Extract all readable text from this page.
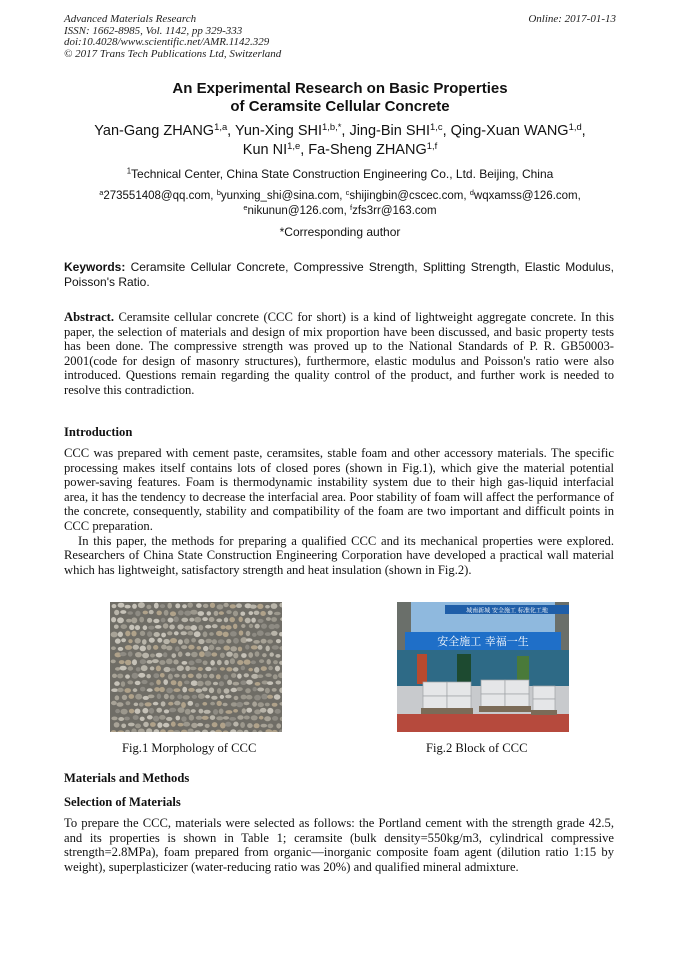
Advanced Materials Research
ISSN: 1662-8985, Vol. 1142, pp 329-333
doi:10.4028/www.scientific.net/AMR.1142.329
© 2017 Trans Tech Publications Ltd, Switzerland
Online: 2017-01-13
An Experimental Research on Basic Properties
of Ceramsite Cellular Concrete
Yan-Gang ZHANG$^{1,a}$, Yun-Xing $SHI^{1,b,*}$, Jing-Bin SHI$^{1,c}$, Qing-Xuan WANG$^{1,d}$,
Kun NI$^{1,e}$, Fa-Sheng ZHANG$^{1,f}$
$^1$Technical Center, China State Construction Engineering Co., Ltd. Beijing, China
$^a$273551408@qq.com, $^b$yunxing_shi@sina.com, $^c$shijingbin@cscec.com, $^d$wqxamss@126.com,
$^e$nikunun@126.com, $^f$zfs3rr@163.com
*Corresponding author
Keywords: Ceramsite Cellular Concrete, Compressive Strength, Splitting Strength, Elastic Modulus, Poisson's Ratio.

Abstract. Ceramsite cellular concrete (CCC for short) is a kind of lightweight aggregate concrete. In this paper, the selection of materials and design of mix proportion have been discussed, and basic property tests has been done. The compressive strength was proved up to the National Standards of P. R. GB50003-2001(code for design of masonry structures), furthermore, elastic modulus and Poisson's ratio were also introduced. Questions remain regarding the quality control of the product, and further work is needed to resolve this contradiction.

Introduction

CCC was prepared with cement paste, ceramsites, stable foam and other accessory materials. The specific processing makes itself contains lots of closed pores (shown in Fig.1), which give the material potential power-saving features. Foam is thermodynamic instability system due to their high gas-liquid interfacial area, it has the tendency to decrease the interfacial area. Poor stability of foam will affect the performance of the concrete, consequently, stability and compatibility of the foam are two important and difficult points in CCC preparation.

In this paper, the methods for preparing a qualified CCC and its mechanical properties were explored. Researchers of China State Construction Engineering Corporation have developed a practical wall material which has lightweight, satisfactory strength and heat insulation (shown in Fig.2).

城南新城 安全施工 标准化工地
安全施工 幸福一生
Fig.1 Morphology of CCC	Fig.2 Block of CCC
Materials and Methods
Selection of Materials

To prepare the CCC, materials were selected as follows: the Portland cement with the strength grade 42.5, and its properties is shown in Table 1; ceramsite (bulk density=550kg/m3, cylindrical compressive strength=2.8MPa), foam prepared from organic—inorganic composite foam agent (dilution ratio 1:15 by weight), superplasticizer (water-reducing ratio was 20%) and qualified mineral admixture.
